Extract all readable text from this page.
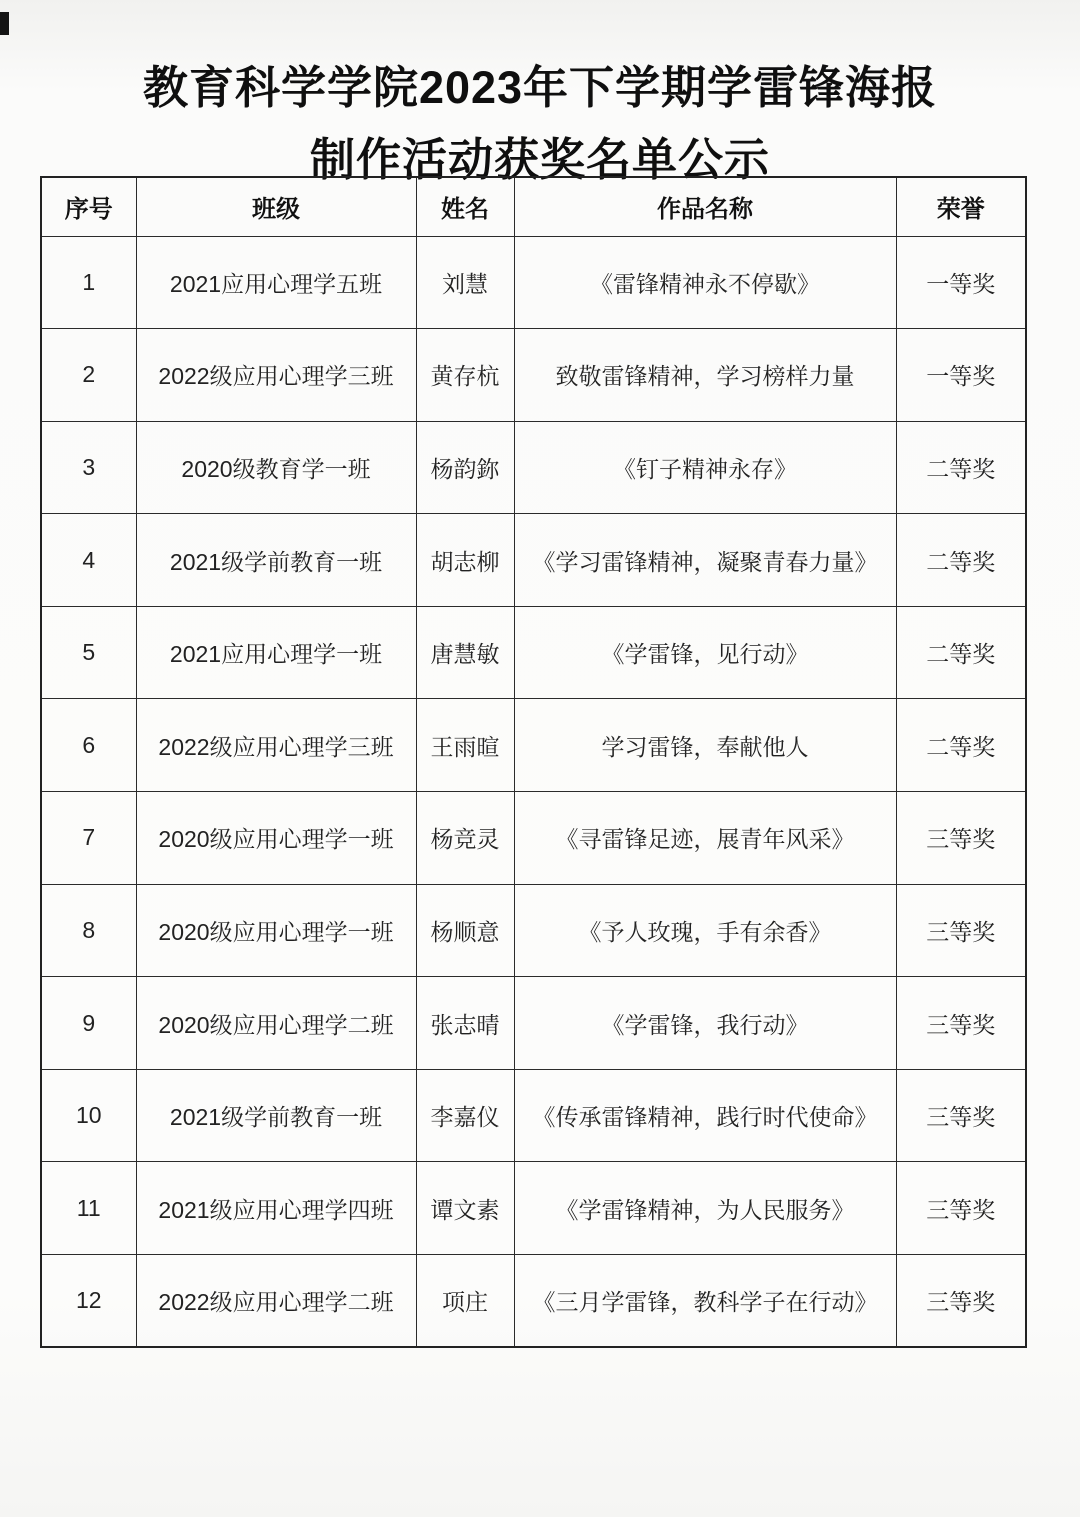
教育科学学院2023年下学期学雷锋海报
制作活动获奖名单公示
序号	班级	姓名	作品名称	荣誉
1	2021应用心理学五班	刘慧	《雷锋精神永不停歇》	一等奖
2	2022级应用心理学三班	黄存杭	致敬雷锋精神，学习榜样力量	一等奖
3	2020级教育学一班	杨韵鉨	《钉子精神永存》	二等奖
4	2021级学前教育一班	胡志柳	《学习雷锋精神，凝聚青春力量》	二等奖
5	2021应用心理学一班	唐慧敏	《学雷锋，见行动》	二等奖
6	2022级应用心理学三班	王雨暄	学习雷锋，奉献他人	二等奖
7	2020级应用心理学一班	杨竞灵	《寻雷锋足迹，展青年风采》	三等奖
8	2020级应用心理学一班	杨顺意	《予人玫瑰，手有余香》	三等奖
9	2020级应用心理学二班	张志晴	《学雷锋，我行动》	三等奖
10	2021级学前教育一班	李嘉仪	《传承雷锋精神，践行时代使命》	三等奖
11	2021级应用心理学四班	谭文素	《学雷锋精神，为人民服务》	三等奖
12	2022级应用心理学二班	项庄	《三月学雷锋，教科学子在行动》	三等奖
